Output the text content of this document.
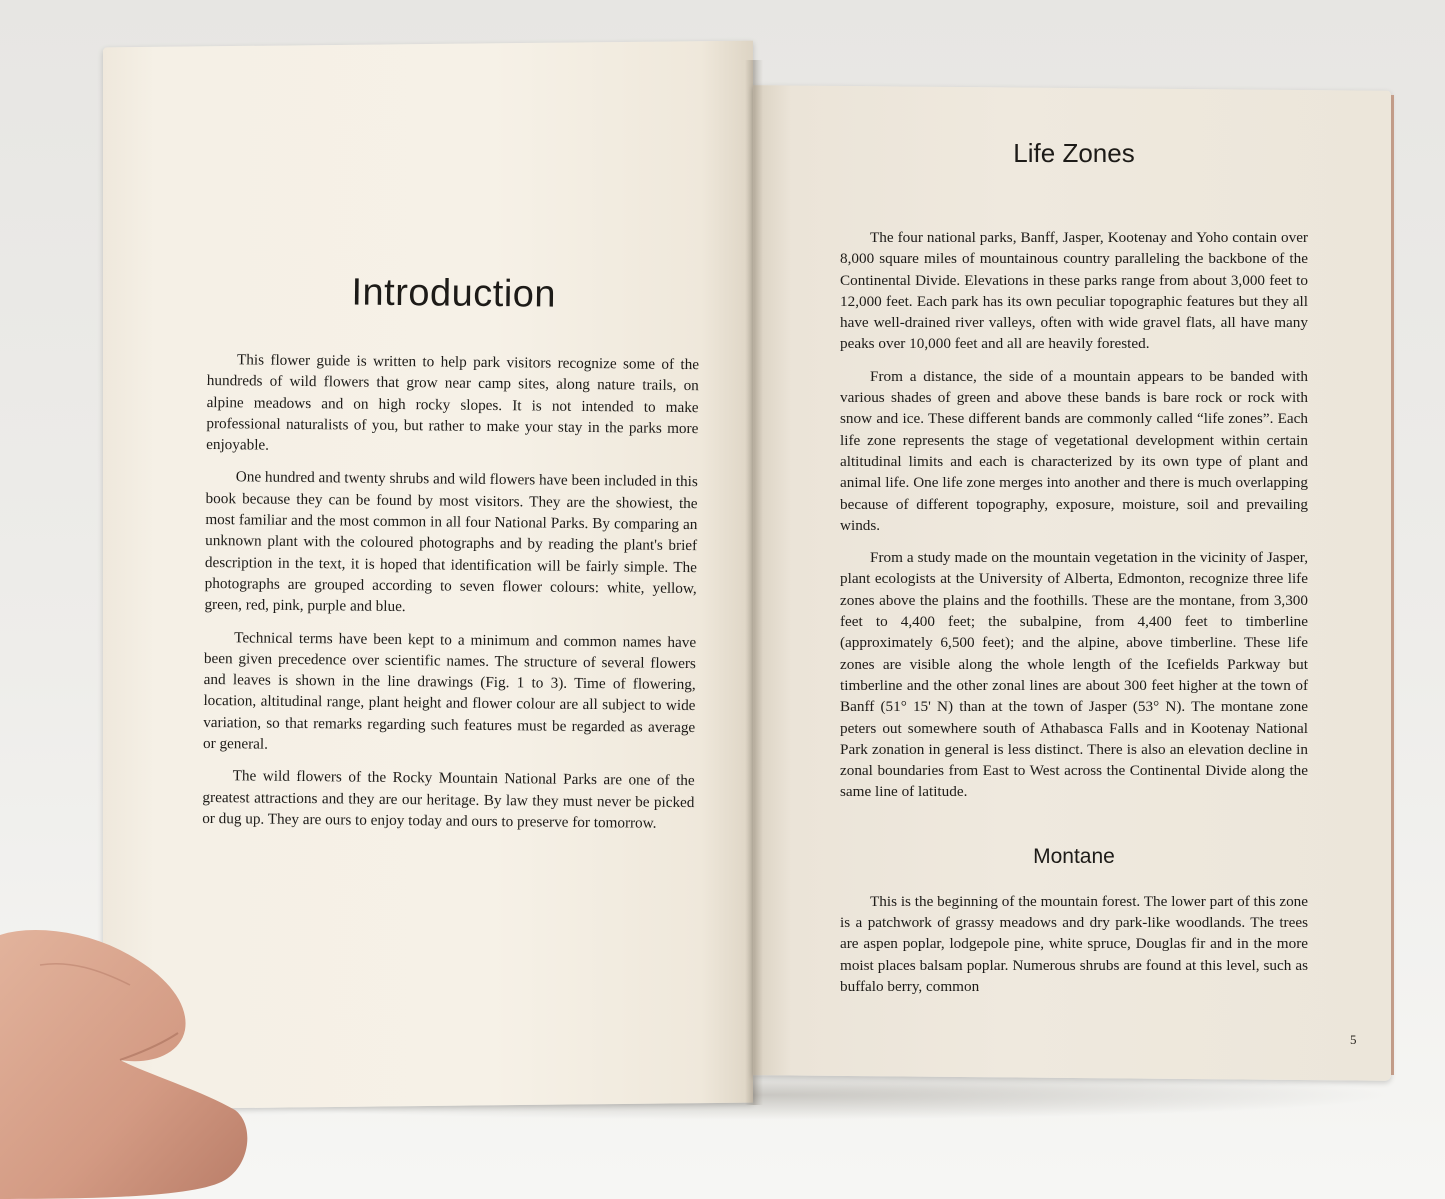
Introduction

This flower guide is written to help park visitors recognize some of the hundreds of wild flowers that grow near camp sites, along nature trails, on alpine meadows and on high rocky slopes. It is not intended to make professional naturalists of you, but rather to make your stay in the parks more enjoyable.

One hundred and twenty shrubs and wild flowers have been included in this book because they can be found by most visitors. They are the showiest, the most familiar and the most common in all four National Parks. By comparing an unknown plant with the coloured photographs and by reading the plant's brief description in the text, it is hoped that identification will be fairly simple. The photographs are grouped according to seven flower colours: white, yellow, green, red, pink, purple and blue.

Technical terms have been kept to a minimum and common names have been given precedence over scientific names. The structure of several flowers and leaves is shown in the line drawings (Fig. 1 to 3). Time of flowering, location, altitudinal range, plant height and flower colour are all subject to wide variation, so that remarks regarding such features must be regarded as average or general.

The wild flowers of the Rocky Mountain National Parks are one of the greatest attractions and they are our heritage. By law they must never be picked or dug up. They are ours to enjoy today and ours to preserve for tomorrow.

Life Zones

The four national parks, Banff, Jasper, Kootenay and Yoho contain over 8,000 square miles of mountainous country paralleling the backbone of the Continental Divide. Elevations in these parks range from about 3,000 feet to 12,000 feet. Each park has its own peculiar topographic features but they all have well-drained river valleys, often with wide gravel flats, all have many peaks over 10,000 feet and all are heavily forested.

From a distance, the side of a mountain appears to be banded with various shades of green and above these bands is bare rock or rock with snow and ice. These different bands are commonly called “life zones”. Each life zone represents the stage of vegetational development within certain altitudinal limits and each is characterized by its own type of plant and animal life. One life zone merges into another and there is much overlapping because of different topography, exposure, moisture, soil and prevailing winds.

From a study made on the mountain vegetation in the vicinity of Jasper, plant ecologists at the University of Alberta, Edmonton, recognize three life zones above the plains and the foothills. These are the montane, from 3,300 feet to 4,400 feet; the subalpine, from 4,400 feet to timberline (approximately 6,500 feet); and the alpine, above timberline. These life zones are visible along the whole length of the Icefields Parkway but timberline and the other zonal lines are about 300 feet higher at the town of Banff (51° 15' N) than at the town of Jasper (53° N). The montane zone peters out somewhere south of Athabasca Falls and in Kootenay National Park zonation in general is less distinct. There is also an elevation decline in zonal boundaries from East to West across the Continental Divide along the same line of latitude.

Montane

This is the beginning of the mountain forest. The lower part of this zone is a patchwork of grassy meadows and dry park-like woodlands. The trees are aspen poplar, lodgepole pine, white spruce, Douglas fir and in the more moist places balsam poplar. Numerous shrubs are found at this level, such as buffalo berry, common

5
